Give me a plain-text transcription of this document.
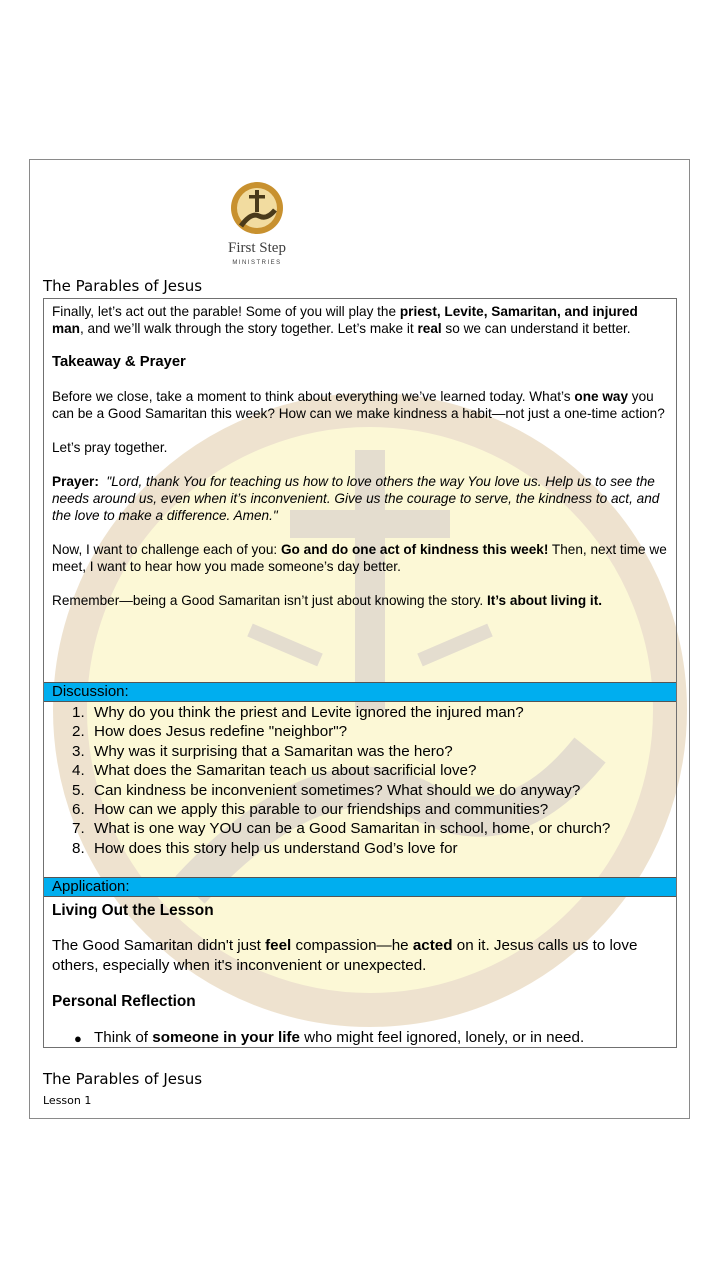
First Step
MINISTRIES
The Parables of Jesus

Finally, let’s act out the parable! Some of you will play the priest, Levite, Samaritan, and injured man, and we’ll walk through the story together. Let’s make it real so we can understand it better.

Takeaway & Prayer

Before we close, take a moment to think about everything we’ve learned today. What’s one way you can be a Good Samaritan this week? How can we make kindness a habit—not just a one-time action?

Let’s pray together.

Prayer: "Lord, thank You for teaching us how to love others the way You love us. Help us to see the needs around us, even when it’s inconvenient. Give us the courage to serve, the kindness to act, and the love to make a difference. Amen."

Now, I want to challenge each of you: Go and do one act of kindness this week! Then, next time we meet, I want to hear how you made someone’s day better.

Remember—being a Good Samaritan isn’t just about knowing the story. It’s about living it.

Discussion:
1. Why do you think the priest and Levite ignored the injured man?
2. How does Jesus redefine "neighbor"?
3. Why was it surprising that a Samaritan was the hero?
4. What does the Samaritan teach us about sacrificial love?
5. Can kindness be inconvenient sometimes? What should we do anyway?
6. How can we apply this parable to our friendships and communities?
7. What is one way YOU can be a Good Samaritan in school, home, or church?
8. How does this story help us understand God’s love for
Application:
Living Out the Lesson

The Good Samaritan didn't just feel compassion—he acted on it. Jesus calls us to love others, especially when it's inconvenient or unexpected.

Personal Reflection
● Think of someone in your life who might feel ignored, lonely, or in need.
The Parables of Jesus
Lesson 1
